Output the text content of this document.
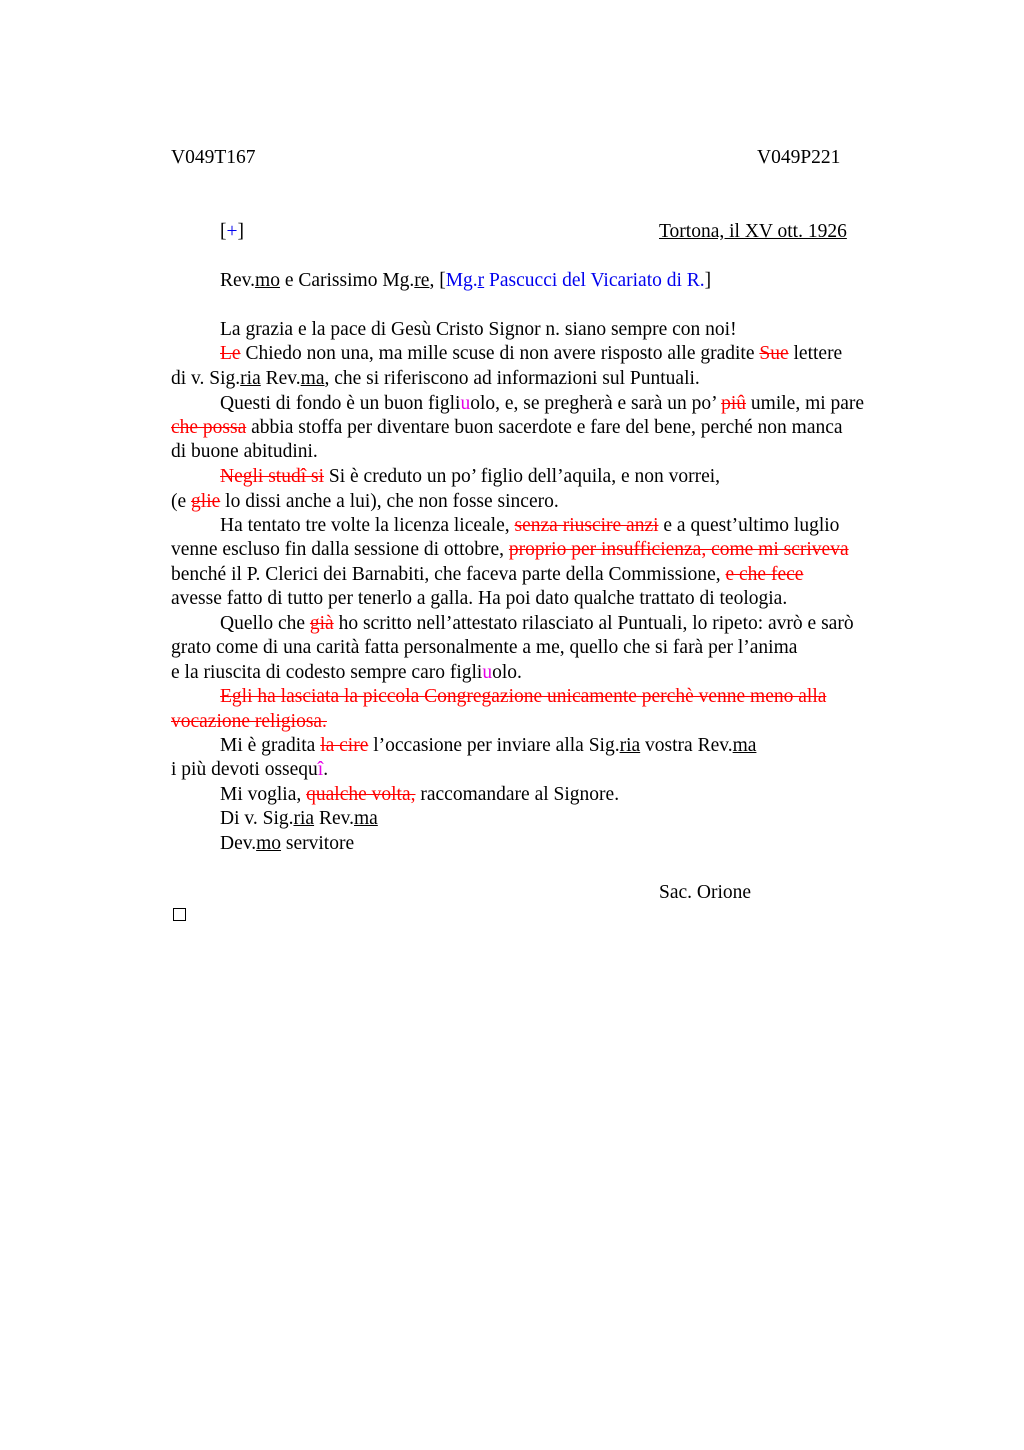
V049T167	V049P221
[+]	Tortona, il XV ott. 1926
Rev.mo e Carissimo Mg.re, [Mg.r Pascucci del Vicariato di R.]
La grazia e la pace di Gesù Cristo Signor n. siano sempre con noi!
Le Chiedo non una, ma mille scuse di non avere risposto alle gradite Sue lettere
di v. Sig.ria Rev.ma, che si riferiscono ad informazioni sul Puntuali.
Questi di fondo è un buon figliuolo, e, se pregherà e sarà un po’ piû umile, mi pare
che possa abbia stoffa per diventare buon sacerdote e fare del bene, perché non manca
di buone abitudini.
Negli studî si Si è creduto un po’ figlio dell’aquila, e non vorrei,
(e glie lo dissi anche a lui), che non fosse sincero.
Ha tentato tre volte la licenza liceale, senza riuscire anzi e a quest’ultimo luglio
venne escluso fin dalla sessione di ottobre, proprio per insufficienza, come mi scriveva
benché il P. Clerici dei Barnabiti, che faceva parte della Commissione, e che fece
avesse fatto di tutto per tenerlo a galla. Ha poi dato qualche trattato di teologia.
Quello che già ho scritto nell’attestato rilasciato al Puntuali, lo ripeto: avrò e sarò
grato come di una carità fatta personalmente a me, quello che si farà per l’anima
e la riuscita di codesto sempre caro figliuolo.
Egli ha lasciata la piccola Congregazione unicamente perchè venne meno alla
vocazione religiosa.
Mi è gradita la cire l’occasione per inviare alla Sig.ria vostra Rev.ma
i più devoti ossequî.
Mi voglia, qualche volta, raccomandare al Signore.
Di v. Sig.ria Rev.ma
Dev.mo servitore
Sac. Orione
